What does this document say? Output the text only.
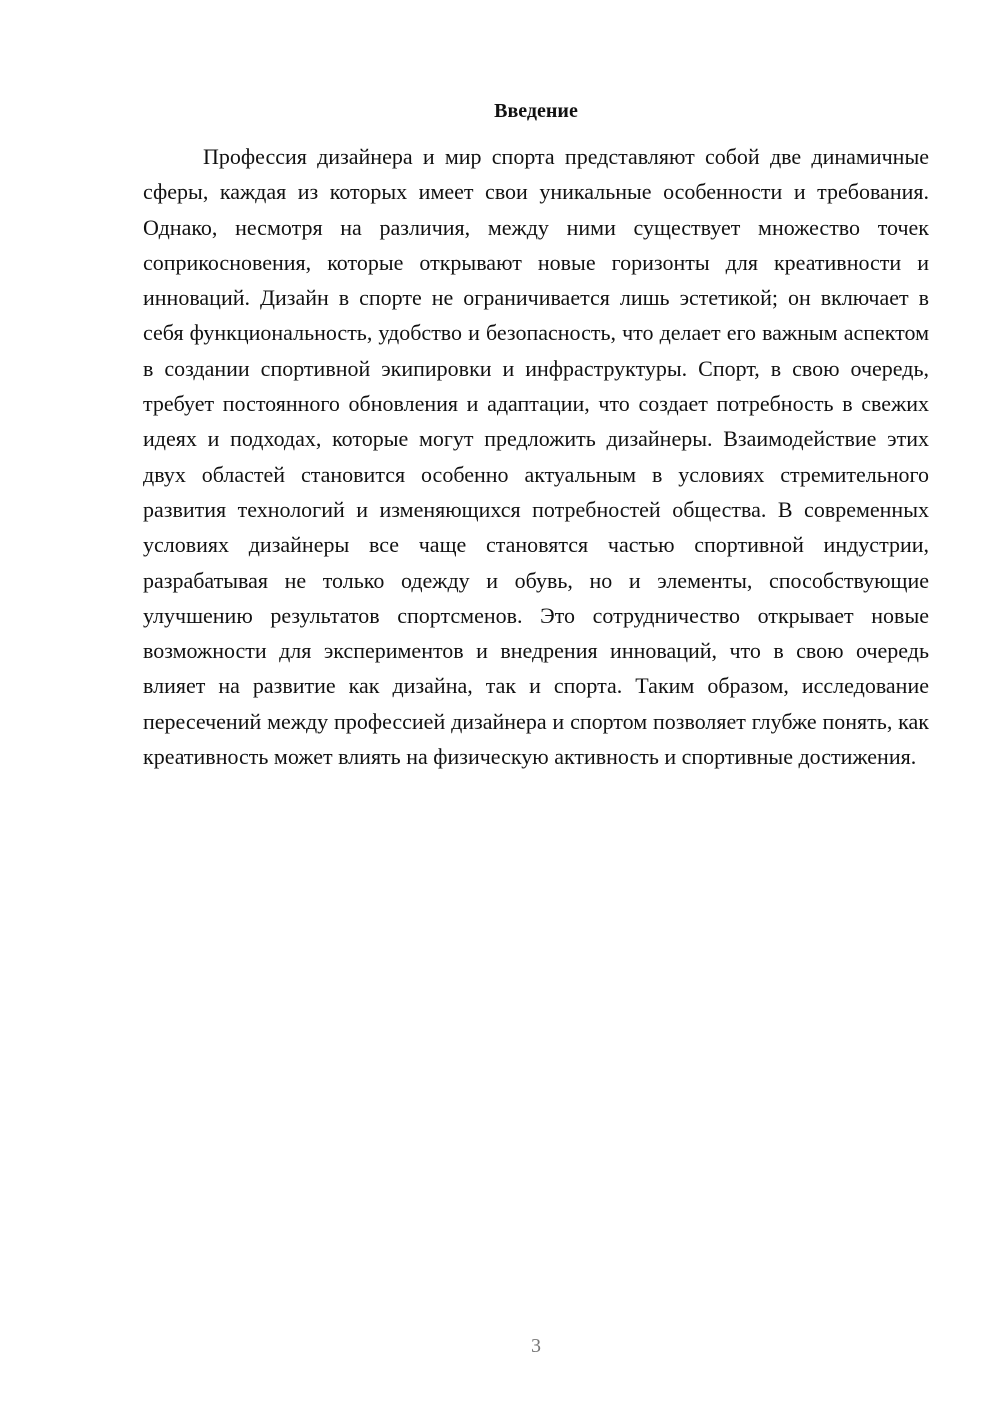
Введение

Профессия дизайнера и мир спорта представляют собой две динамичные сферы, каждая из которых имеет свои уникальные особенности и требования. Однако, несмотря на различия, между ними существует множество точек соприкосновения, которые открывают новые горизонты для креативности и инноваций. Дизайн в спорте не ограничивается лишь эстетикой; он включает в себя функциональность, удобство и безопасность, что делает его важным аспектом в создании спортивной экипировки и инфраструктуры. Спорт, в свою очередь, требует постоянного обновления и адаптации, что создает потребность в свежих идеях и подходах, которые могут предложить дизайнеры. Взаимодействие этих двух областей становится особенно актуальным в условиях стремительного развития технологий и изменяющихся потребностей общества. В современных условиях дизайнеры все чаще становятся частью спортивной индустрии, разрабатывая не только одежду и обувь, но и элементы, способствующие улучшению результатов спортсменов. Это сотрудничество открывает новые возможности для экспериментов и внедрения инноваций, что в свою очередь влияет на развитие как дизайна, так и спорта. Таким образом, исследование пересечений между профессией дизайнера и спортом позволяет глубже понять, как креативность может влиять на физическую активность и спортивные достижения.

3
